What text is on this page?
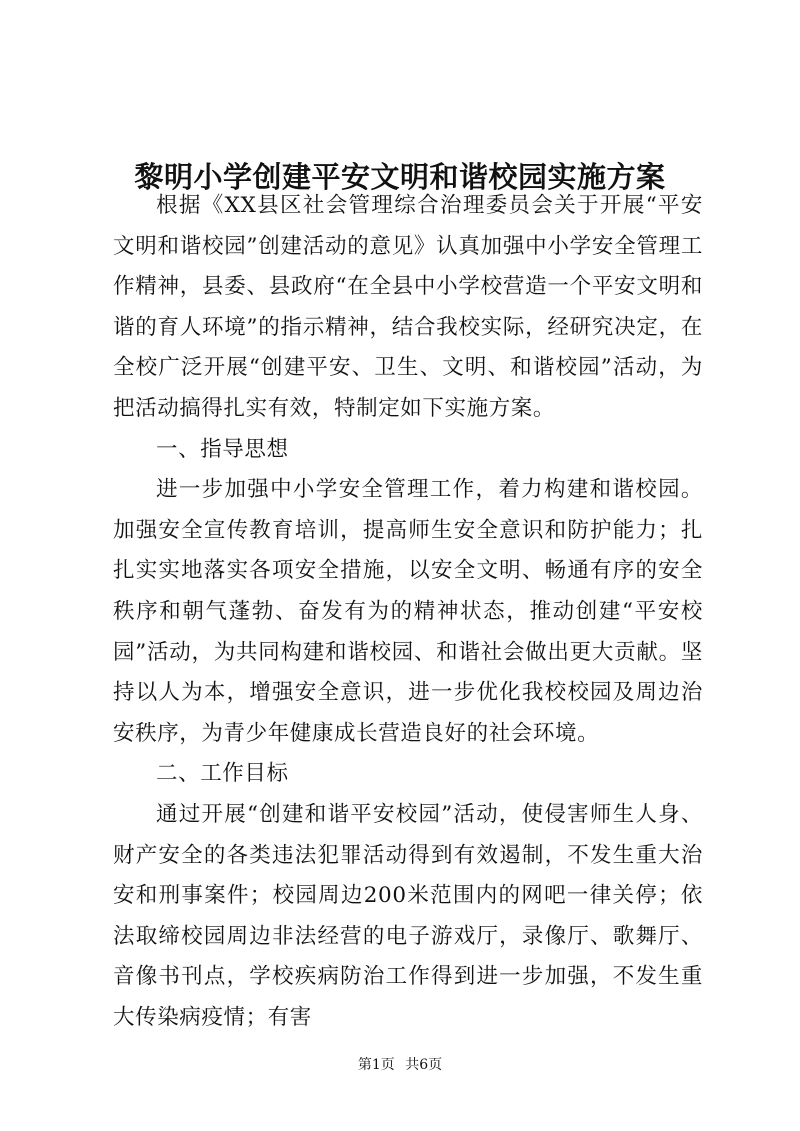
黎明小学创建平安文明和谐校园实施方案

根据《XX县区社会管理综合治理委员会关于开展“平安文明和谐校园”创建活动的意见》认真加强中小学安全管理工作精神，县委、县政府“在全县中小学校营造一个平安文明和谐的育人环境”的指示精神，结合我校实际，经研究决定，在全校广泛开展“创建平安、卫生、文明、和谐校园”活动，为把活动搞得扎实有效，特制定如下实施方案。

一、指导思想

进一步加强中小学安全管理工作，着力构建和谐校园。加强安全宣传教育培训，提高师生安全意识和防护能力；扎扎实实地落实各项安全措施，以安全文明、畅通有序的安全秩序和朝气蓬勃、奋发有为的精神状态，推动创建“平安校园”活动，为共同构建和谐校园、和谐社会做出更大贡献。坚持以人为本，增强安全意识，进一步优化我校校园及周边治安秩序，为青少年健康成长营造良好的社会环境。

二、工作目标

通过开展“创建和谐平安校园”活动，使侵害师生人身、财产安全的各类违法犯罪活动得到有效遏制，不发生重大治安和刑事案件；校园周边200米范围内的网吧一律关停；依法取缔校园周边非法经营的电子游戏厅，录像厅、歌舞厅、音像书刊点，学校疾病防治工作得到进一步加强，不发生重大传染病疫情；有害

第1页 共6页
